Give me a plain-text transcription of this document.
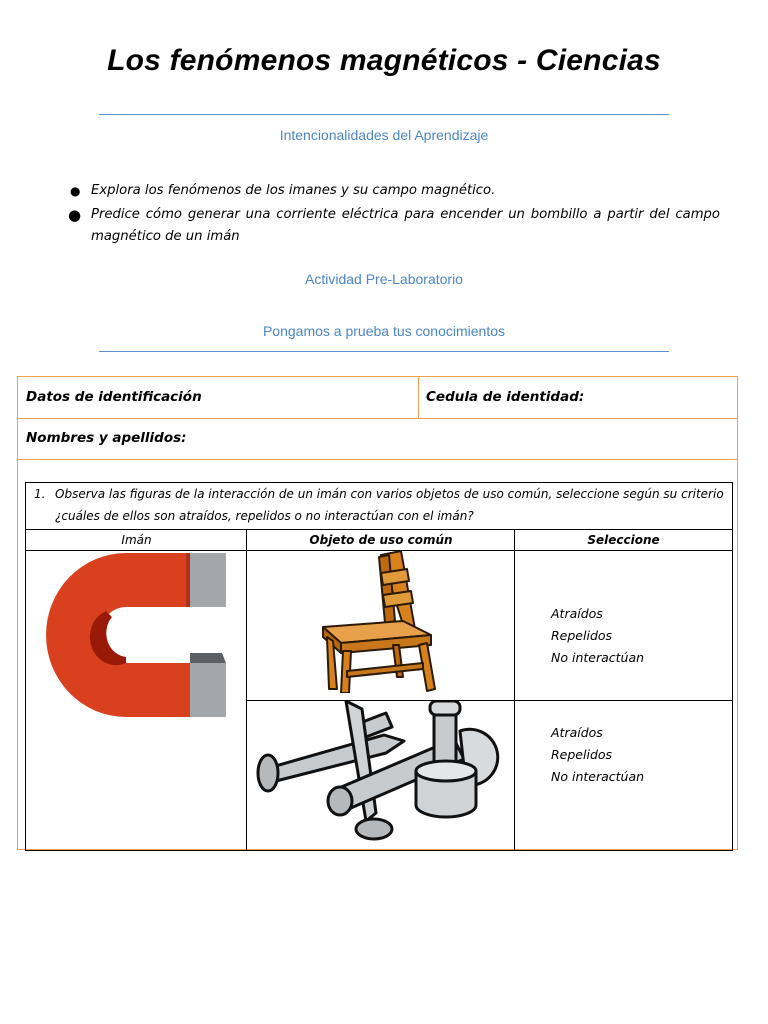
Los fenómenos magnéticos - Ciencias
Intencionalidades del Aprendizaje
● Explora los fenómenos de los imanes y su campo magnético.
● Predice cómo generar una corriente eléctrica para encender un bombillo a partir del campo magnético de un imán
Actividad Pre-Laboratorio
Pongamos a prueba tus conocimientos
Datos de identificación	Cedula de identidad:
Nombres y apellidos:
1. Observa las figuras de la interacción de un imán con varios objetos de uso común, seleccione según su criterio ¿cuáles de ellos son atraídos, repelidos o no interactúan con el imán?
Imán	Objeto de uso común	Seleccione
Atraídos
Repelidos
No interactúan
Atraídos
Repelidos
No interactúan
